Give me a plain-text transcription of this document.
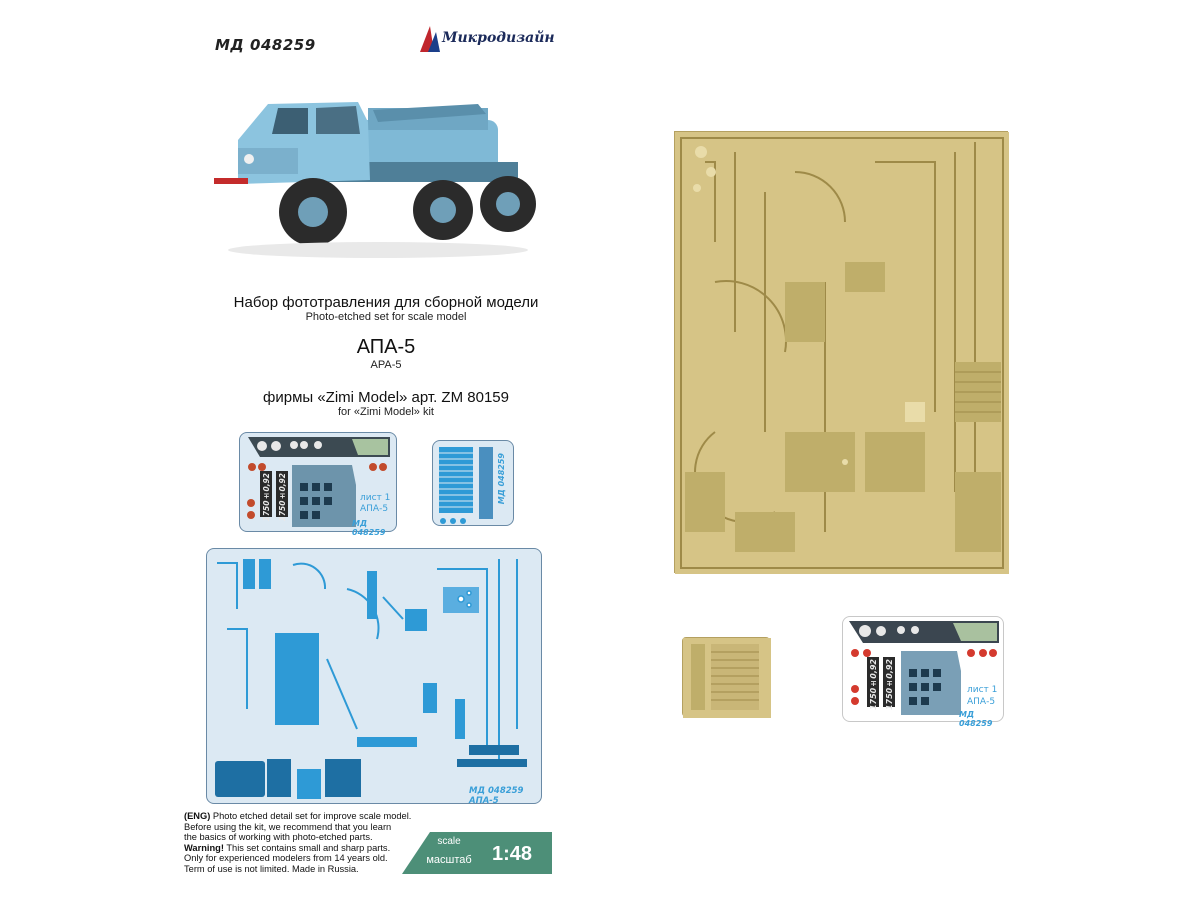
МД 048259	Микродизайн
Набор фототравления для сборной модели
Photo-etched set for scale model
АПА-5
APA-5
фирмы «Zimi Model» арт. ZM 80159
for «Zimi Model» kit
1750±0,92 1750±0,92	лист 1
АПА-5
МД 048259
МД 048259
МД 048259 АПА-5
(ENG) Photo etched detail set for improve scale model.
Before using the kit, we recommend that you learn
the basics of working with photo-etched parts.
Warning! This set contains small and sharp parts.
Only for experienced modelers from 14 years old.
Term of use is not limited. Made in Russia.
scale
масштаб	1:48
1750±0,92 1750±0,92	лист 1
АПА-5
МД 048259
